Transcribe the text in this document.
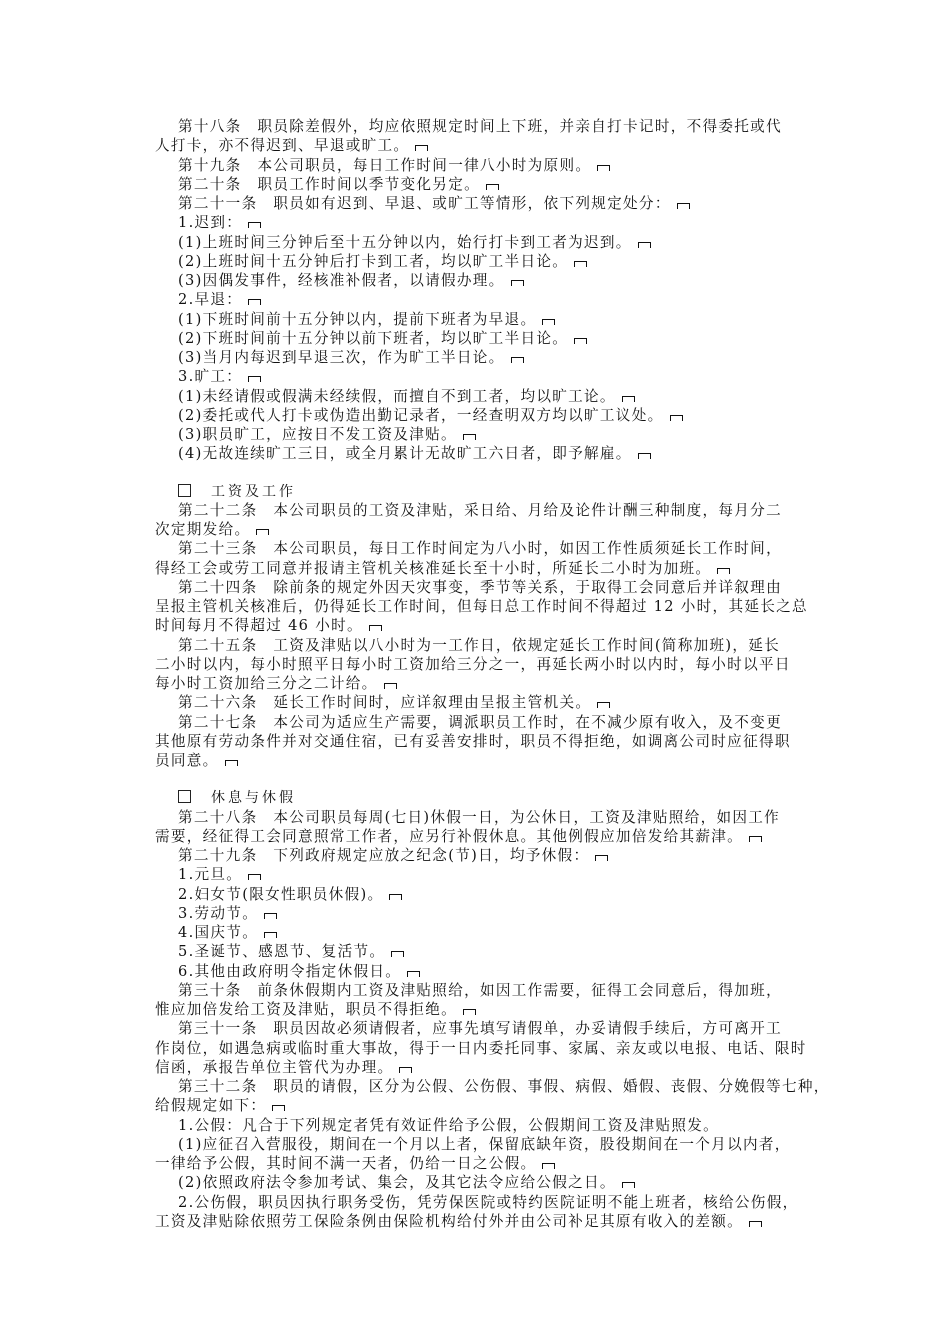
第十八条　职员除差假外，均应依照规定时间上下班，并亲自打卡记时，不得委托或代
人打卡，亦不得迟到、早退或旷工。
第十九条　本公司职员，每日工作时间一律八小时为原则。
第二十条　职员工作时间以季节变化另定。
第二十一条　职员如有迟到、早退、或旷工等情形，依下列规定处分：
1.迟到：
(1)上班时间三分钟后至十五分钟以内，始行打卡到工者为迟到。
(2)上班时间十五分钟后打卡到工者，均以旷工半日论。
(3)因偶发事件，经核准补假者，以请假办理。
2.早退：
(1)下班时间前十五分钟以内，提前下班者为早退。
(2)下班时间前十五分钟以前下班者，均以旷工半日论。
(3)当月内每迟到早退三次，作为旷工半日论。
3.旷工：
(1)未经请假或假满未经续假，而擅自不到工者，均以旷工论。
(2)委托或代人打卡或伪造出勤记录者，一经查明双方均以旷工议处。
(3)职员旷工，应按日不发工资及津贴。
(4)无故连续旷工三日，或全月累计无故旷工六日者，即予解雇。
工资及工作
第二十二条　本公司职员的工资及津贴，采日给、月给及论件计酬三种制度，每月分二
次定期发给。
第二十三条　本公司职员，每日工作时间定为八小时，如因工作性质须延长工作时间，
得经工会或劳工同意并报请主管机关核准延长至十小时，所延长二小时为加班。
第二十四条　除前条的规定外因天灾事变，季节等关系，于取得工会同意后并详叙理由
呈报主管机关核准后，仍得延长工作时间，但每日总工作时间不得超过 12 小时，其延长之总
时间每月不得超过 46 小时。
第二十五条　工资及津贴以八小时为一工作日，依规定延长工作时间(简称加班)，延长
二小时以内，每小时照平日每小时工资加给三分之一，再延长两小时以内时，每小时以平日
每小时工资加给三分之二计给。
第二十六条　延长工作时间时，应详叙理由呈报主管机关。
第二十七条　本公司为适应生产需要，调派职员工作时，在不减少原有收入，及不变更
其他原有劳动条件并对交通住宿，已有妥善安排时，职员不得拒绝，如调离公司时应征得职
员同意。
休息与休假
第二十八条　本公司职员每周(七日)休假一日，为公休日，工资及津贴照给，如因工作
需要，经征得工会同意照常工作者，应另行补假休息。其他例假应加倍发给其薪津。
第二十九条　下列政府规定应放之纪念(节)日，均予休假：
1.元旦。
2.妇女节(限女性职员休假)。
3.劳动节。
4.国庆节。
5.圣诞节、感恩节、复活节。
6.其他由政府明令指定休假日。
第三十条　前条休假期内工资及津贴照给，如因工作需要，征得工会同意后，得加班，
惟应加倍发给工资及津贴，职员不得拒绝。
第三十一条　职员因故必须请假者，应事先填写请假单，办妥请假手续后，方可离开工
作岗位，如遇急病或临时重大事故，得于一日内委托同事、家属、亲友或以电报、电话、限时
信函，承报告单位主管代为办理。
第三十二条　职员的请假，区分为公假、公伤假、事假、病假、婚假、丧假、分娩假等七种，
给假规定如下：
1.公假：凡合于下列规定者凭有效证件给予公假，公假期间工资及津贴照发。
(1)应征召入营服役，期间在一个月以上者，保留底缺年资，股役期间在一个月以内者，
一律给予公假，其时间不满一天者，仍给一日之公假。
(2)依照政府法令参加考试、集会，及其它法令应给公假之日。
2.公伤假，职员因执行职务受伤，凭劳保医院或特约医院证明不能上班者，核给公伤假，
工资及津贴除依照劳工保险条例由保险机构给付外并由公司补足其原有收入的差额。
